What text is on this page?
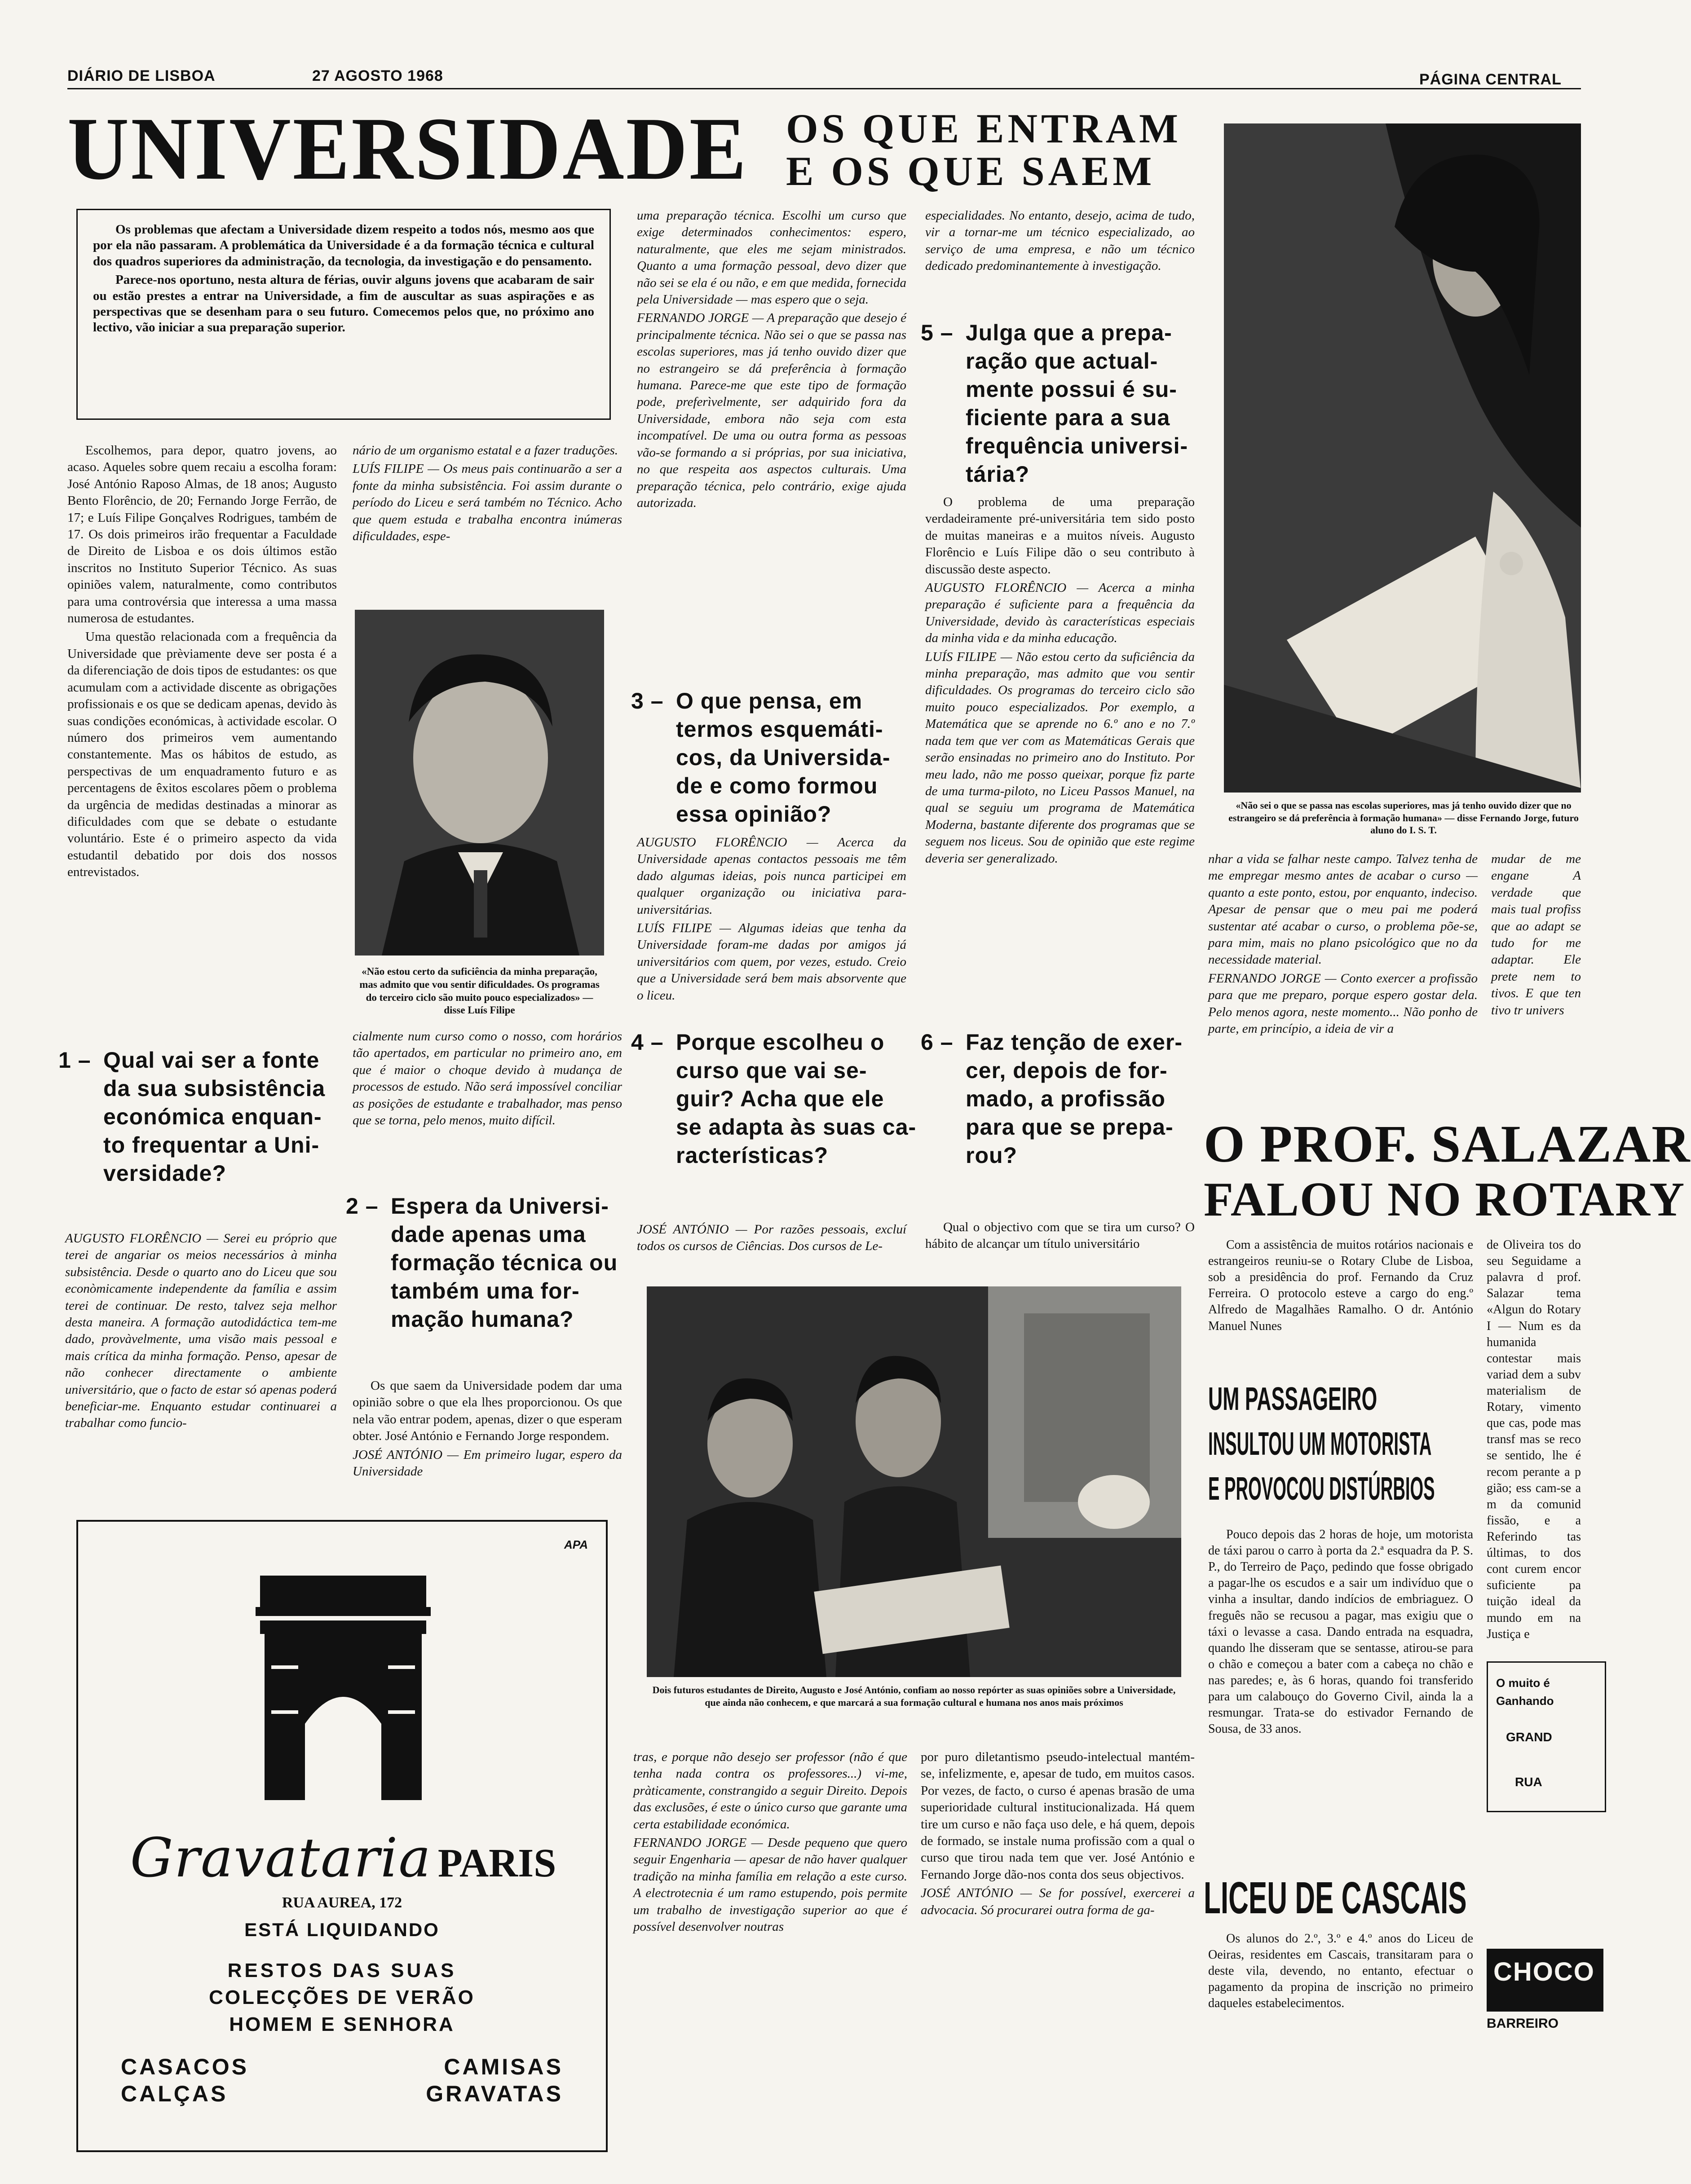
DIÁRIO DE LISBOA	27 AGOSTO 1968	PÁGINA CENTRAL
UNIVERSIDADE OS QUE ENTRAM
E OS QUE SAEM

Os problemas que afectam a Universidade dizem respeito a todos nós, mesmo aos que por ela não passaram. A problemática da Universidade é a da formação técnica e cultural dos quadros superiores da administração, da tecnologia, da investigação e do pensamento.

Parece-nos oportuno, nesta altura de férias, ouvir alguns jovens que acabaram de sair ou estão prestes a entrar na Universidade, a fim de auscultar as suas aspirações e as perspectivas que se desenham para o seu futuro. Comecemos pelos que, no próximo ano lectivo, vão iniciar a sua preparação superior.

Escolhemos, para depor, quatro jovens, ao acaso. Aqueles sobre quem recaiu a escolha foram: José António Raposo Almas, de 18 anos; Augusto Bento Florêncio, de 20; Fernando Jorge Ferrão, de 17; e Luís Filipe Gonçalves Rodrigues, também de 17. Os dois primeiros irão frequentar a Faculdade de Direito de Lisboa e os dois últimos estão inscritos no Instituto Superior Técnico. As suas opiniões valem, naturalmente, como contributos para uma controvérsia que interessa a uma massa numerosa de estudantes.

Uma questão relacionada com a frequência da Universidade que prèviamente deve ser posta é a da diferenciação de dois tipos de estudantes: os que acumulam com a actividade discente as obrigações profissionais e os que se dedicam apenas, devido às suas condições económicas, à actividade escolar. O número dos primeiros vem aumentando constantemente. Mas os hábitos de estudo, as perspectivas de um enquadramento futuro e as percentagens de êxitos escolares põem o problema da urgência de medidas destinadas a minorar as dificuldades com que se debate o estudante voluntário. Este é o primeiro aspecto da vida estudantil debatido por dois dos nossos entrevistados.

1 – Qual vai ser a fonte
da sua subsistência
económica enquan-
to frequentar a Uni-
versidade?

AUGUSTO FLORÊNCIO — Serei eu próprio que terei de angariar os meios necessários à minha subsistência. Desde o quarto ano do Liceu que sou econòmicamente independente da família e assim terei de continuar. De resto, talvez seja melhor desta maneira. A formação autodidáctica tem-me dado, provàvelmente, uma visão mais pessoal e mais crítica da minha formação. Penso, apesar de não conhecer directamente o ambiente universitário, que o facto de estar só apenas poderá beneficiar-me. Enquanto estudar continuarei a trabalhar como funcio-

nário de um organismo estatal e a fazer traduções.

LUÍS FILIPE — Os meus pais continuarão a ser a fonte da minha subsistência. Foi assim durante o período do Liceu e será também no Técnico. Acho que quem estuda e trabalha encontra inúmeras dificuldades, espe-

«Não estou certo da suficiência da minha preparação, mas admito que vou sentir dificuldades. Os programas do terceiro ciclo são muito pouco especializados» — disse Luís Filipe

cialmente num curso como o nosso, com horários tão apertados, em particular no primeiro ano, em que é maior o choque devido à mudança de processos de estudo. Não será impossível conciliar as posições de estudante e trabalhador, mas penso que se torna, pelo menos, muito difícil.

2 – Espera da Universi-
dade apenas uma
formação técnica ou
também uma for-
mação humana?

Os que saem da Universidade podem dar uma opinião sobre o que ela lhes proporcionou. Os que nela vão entrar podem, apenas, dizer o que esperam obter. José António e Fernando Jorge respondem.

JOSÉ ANTÓNIO — Em primeiro lugar, espero da Universidade

uma preparação técnica. Escolhi um curso que exige determinados conhecimentos: espero, naturalmente, que eles me sejam ministrados. Quanto a uma formação pessoal, devo dizer que não sei se ela é ou não, e em que medida, fornecida pela Universidade — mas espero que o seja.

FERNANDO JORGE — A preparação que desejo é principalmente técnica. Não sei o que se passa nas escolas superiores, mas já tenho ouvido dizer que no estrangeiro se dá preferência à formação humana. Parece-me que este tipo de formação pode, preferìvelmente, ser adquirido fora da Universidade, embora não seja com esta incompatível. De uma ou outra forma as pessoas vão-se formando a si próprias, por sua iniciativa, no que respeita aos aspectos culturais. Uma preparação técnica, pelo contrário, exige ajuda autorizada.

3 – O que pensa, em
termos esquemáti-
cos, da Universida-
de e como formou
essa opinião?

AUGUSTO FLORÊNCIO — Acerca da Universidade apenas contactos pessoais me têm dado algumas ideias, pois nunca participei em qualquer organização ou iniciativa para-universitárias.

LUÍS FILIPE — Algumas ideias que tenha da Universidade foram-me dadas por amigos já universitários com quem, por vezes, estudo. Creio que a Universidade será bem mais absorvente que o liceu.

4 – Porque escolheu o
curso que vai se-
guir? Acha que ele
se adapta às suas ca-
racterísticas?

JOSÉ ANTÓNIO — Por razões pessoais, excluí todos os cursos de Ciências. Dos cursos de Le-

especialidades. No entanto, desejo, acima de tudo, vir a tornar-me um técnico especializado, ao serviço de uma empresa, e não um técnico dedicado predominantemente à investigação.

5 – Julga que a prepa-
ração que actual-
mente possui é su-
ficiente para a sua
frequência universi-
tária?

O problema de uma preparação verdadeiramente pré-universitária tem sido posto de muitas maneiras e a muitos níveis. Augusto Florêncio e Luís Filipe dão o seu contributo à discussão deste aspecto.

AUGUSTO FLORÊNCIO — Acerca a minha preparação é suficiente para a frequência da Universidade, devido às características especiais da minha vida e da minha educação.

LUÍS FILIPE — Não estou certo da suficiência da minha preparação, mas admito que vou sentir dificuldades. Os programas do terceiro ciclo são muito pouco especializados. Por exemplo, a Matemática que se aprende no 6.º ano e no 7.º nada tem que ver com as Matemáticas Gerais que serão ensinadas no primeiro ano do Instituto. Por meu lado, não me posso queixar, porque fiz parte de uma turma-piloto, no Liceu Passos Manuel, na qual se seguiu um programa de Matemática Moderna, bastante diferente dos programas que se seguem nos liceus. Sou de opinião que este regime deveria ser generalizado.

6 – Faz tenção de exer-
cer, depois de for-
mado, a profissão
para que se prepa-
rou?

Qual o objectivo com que se tira um curso? O hábito de alcançar um título universitário

Dois futuros estudantes de Direito, Augusto e José António, confiam ao nosso repórter as suas opiniões sobre a Universidade, que ainda não conhecem, e que marcará a sua formação cultural e humana nos anos mais próximos

tras, e porque não desejo ser professor (não é que tenha nada contra os professores...) vi-me, pràticamente, constrangido a seguir Direito. Depois das exclusões, é este o único curso que garante uma certa estabilidade económica.

FERNANDO JORGE — Desde pequeno que quero seguir Engenharia — apesar de não haver qualquer tradição na minha família em relação a este curso. A electrotecnia é um ramo estupendo, pois permite um trabalho de investigação superior ao que é possível desenvolver noutras

por puro diletantismo pseudo-intelectual mantém-se, infelizmente, e, apesar de tudo, em muitos casos. Por vezes, de facto, o curso é apenas brasão de uma superioridade cultural institucionalizada. Há quem tire um curso e não faça uso dele, e há quem, depois de formado, se instale numa profissão com a qual o curso que tirou nada tem que ver. José António e Fernando Jorge dão-nos conta dos seus objectivos.

JOSÉ ANTÓNIO — Se for possível, exercerei a advocacia. Só procurarei outra forma de ga-

APA
Gravataria PARIS
RUA AUREA, 172
ESTÁ LIQUIDANDO
RESTOS DAS SUAS
COLECÇÕES DE VERÃO
HOMEM E SENHORA
CASACOS
CALÇAS
CAMISAS
GRAVATAS
«Não sei o que se passa nas escolas superiores, mas já tenho ouvido dizer que no estrangeiro se dá preferência à formação humana» — disse Fernando Jorge, futuro aluno do I. S. T.

nhar a vida se falhar neste campo. Talvez tenha de me empregar mesmo antes de acabar o curso — quanto a este ponto, estou, por enquanto, indeciso. Apesar de pensar que o meu pai me poderá sustentar até acabar o curso, o problema põe-se, para mim, mais no plano psicológico que no da necessidade material.

FERNANDO JORGE — Conto exercer a profissão para que me preparo, porque espero gostar dela. Pelo menos agora, neste momento... Não ponho de parte, em princípio, a ideia de vir a

mudar de me engane A verdade que mais tual profiss que ao adapt se tudo for me adaptar. Ele prete nem to tivos. E que ten tivo tr univers

O PROF. SALAZAR
FALOU NO ROTARY

Com a assistência de muitos rotários nacionais e estrangeiros reuniu-se o Rotary Clube de Lisboa, sob a presidência do prof. Fernando da Cruz Ferreira. O protocolo esteve a cargo do eng.º Alfredo de Magalhães Ramalho. O dr. António Manuel Nunes

de Oliveira tos do seu Seguidame a palavra d prof. Salazar tema «Algun do Rotary I — Num es da humanida contestar mais variad dem a subv materialism de Rotary, vimento que cas, pode mas transf mas se reco se sentido, lhe é recom perante a p gião; ess cam-se a m da comunid fissão, e a Referindo tas últimas, to dos cont curem encor suficiente pa tuição ideal da mundo em na Justiça e

UM PASSAGEIRO
INSULTOU UM MOTORISTA
E PROVOCOU DISTÚRBIOS

Pouco depois das 2 horas de hoje, um motorista de táxi parou o carro à porta da 2.ª esquadra da P. S. P., do Terreiro de Paço, pedindo que fosse obrigado a pagar-lhe os escudos e a sair um indivíduo que o vinha a insultar, dando indícios de embriaguez. O freguês não se recusou a pagar, mas exigiu que o táxi o levasse a casa. Dando entrada na esquadra, quando lhe disseram que se sentasse, atirou-se para o chão e começou a bater com a cabeça no chão e nas paredes; e, às 6 horas, quando foi transferido para um calabouço do Governo Civil, ainda la a resmungar. Trata-se do estivador Fernando de Sousa, de 33 anos.

O muito é
Ganhando
GRAND
RUA
LICEU DE CASCAIS

Os alunos do 2.º, 3.º e 4.º anos do Liceu de Oeiras, residentes em Cascais, transitaram para o deste vila, devendo, no entanto, efectuar o pagamento da propina de inscrição no primeiro daqueles estabelecimentos.

CHOCO
BARREIRO
